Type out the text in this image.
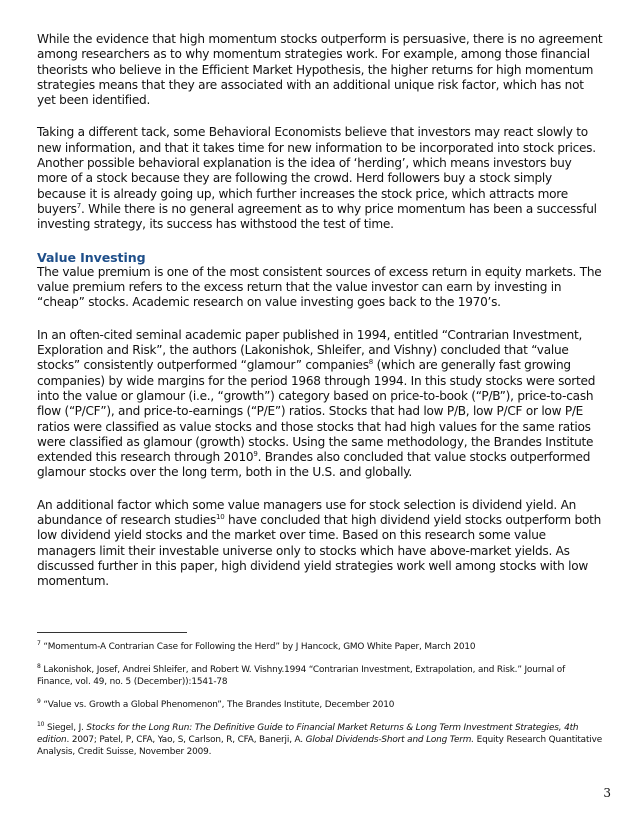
While the evidence that high momentum stocks outperform is persuasive, there is no agreement among researchers as to why momentum strategies work. For example, among those financial theorists who believe in the Efficient Market Hypothesis, the higher returns for high momentum strategies means that they are associated with an additional unique risk factor, which has not yet been identified.

Taking a different tack, some Behavioral Economists believe that investors may react slowly to new information, and that it takes time for new information to be incorporated into stock prices. Another possible behavioral explanation is the idea of ‘herding’, which means investors buy more of a stock because they are following the crowd. Herd followers buy a stock simply because it is already going up, which further increases the stock price, which attracts more buyers$^7$. While there is no general agreement as to why price momentum has been a successful investing strategy, its success has withstood the test of time.

Value Investing

The value premium is one of the most consistent sources of excess return in equity markets. The value premium refers to the excess return that the value investor can earn by investing in “cheap” stocks. Academic research on value investing goes back to the 1970’s.

In an often-cited seminal academic paper published in 1994, entitled “Contrarian Investment, Exploration and Risk”, the authors (Lakonishok, Shleifer, and Vishny) concluded that “value stocks” consistently outperformed “glamour” companies$^8$ (which are generally fast growing companies) by wide margins for the period 1968 through 1994. In this study stocks were sorted into the value or glamour (i.e., “growth”) category based on price-to-book (“P/B”), price-to-cash flow (“P/CF”), and price-to-earnings (“P/E”) ratios. Stocks that had low P/B, low P/CF or low P/E ratios were classified as value stocks and those stocks that had high values for the same ratios were classified as glamour (growth) stocks. Using the same methodology, the Brandes Institute extended this research through 2010$^9$. Brandes also concluded that value stocks outperformed glamour stocks over the long term, both in the U.S. and globally.

An additional factor which some value managers use for stock selection is dividend yield. An abundance of research studies$^{10}$ have concluded that high dividend yield stocks outperform both low dividend yield stocks and the market over time. Based on this research some value managers limit their investable universe only to stocks which have above-market yields. As discussed further in this paper, high dividend yield strategies work well among stocks with low momentum.

$^7$ “Momentum-A Contrarian Case for Following the Herd” by J Hancock, GMO White Paper, March 2010

$^8$ Lakonishok, Josef, Andrei Shleifer, and Robert W. Vishny.1994 “Contrarian Investment, Extrapolation, and Risk.” Journal of Finance, vol. 49, no. 5 (December)):1541-78

$^9$ “Value vs. Growth a Global Phenomenon”, The Brandes Institute, December 2010

$^{10}$ Siegel, J. Stocks for the Long Run: The Definitive Guide to Financial Market Returns & Long Term Investment Strategies, 4th edition. 2007; Patel, P, CFA, Yao, S, Carlson, R, CFA, Banerji, A. Global Dividends-Short and Long Term. Equity Research Quantitative Analysis, Credit Suisse, November 2009.

3
